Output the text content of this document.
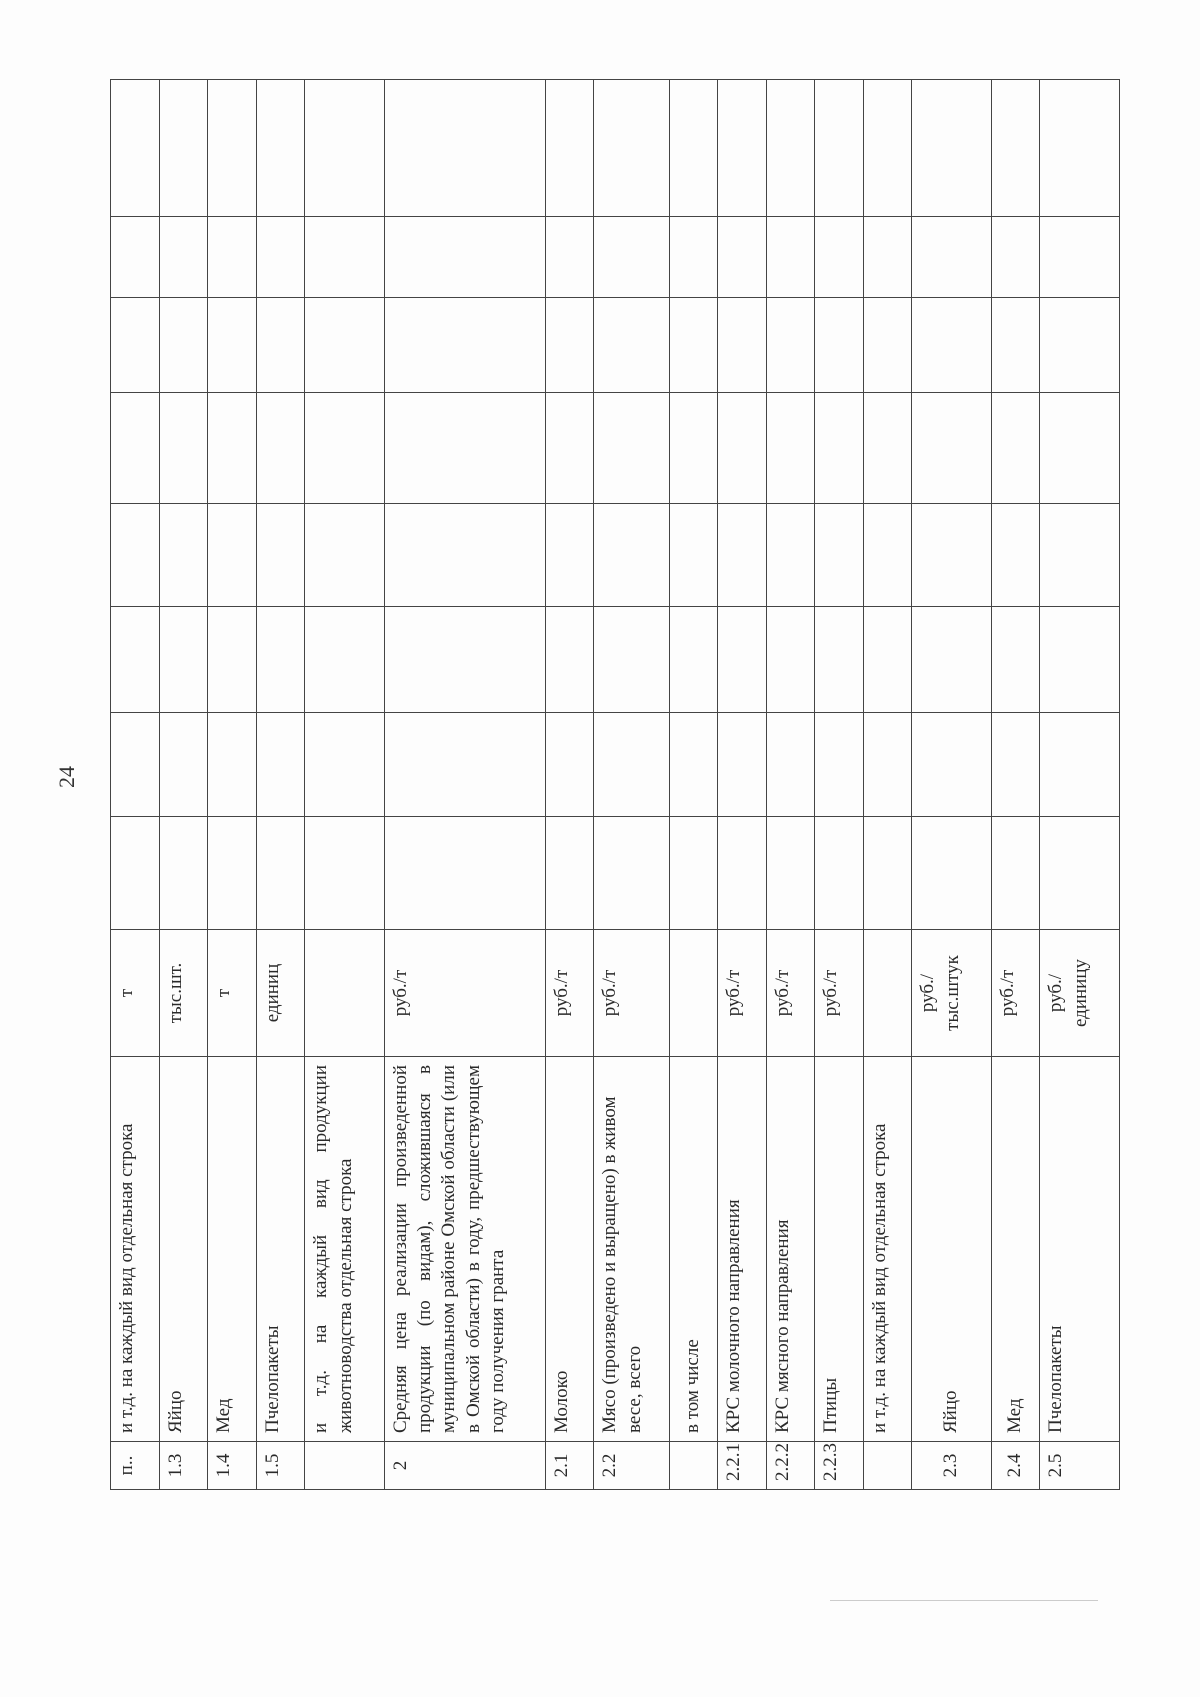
24
п..	и т.д. на каждый вид отдельная строка	т								
1.3	Яйцо	тыс.шт.								
1.4	Мед	т								
1.5	Пчелопакеты	единиц								
	и т.д. на каждый вид продукции животноводства отдельная строка									
2	Средняя цена реализации произведенной продукции (по видам), сложившаяся в муниципальном районе Омской области (или в Омской области) в году, предшествующем году получения гранта	руб./т								
2.1	Молоко	руб./т								
2.2	Мясо (произведено и выращено) в живом весе, всего	руб./т								
	в том числе									
2.2.1	КРС молочного направления	руб./т								
2.2.2	КРС мясного направления	руб./т								
2.2.3	Птицы	руб./т								
	и т.д. на каждый вид отдельная строка									
2.3	Яйцо	руб./ тыс.штук								
2.4	Мед	руб./т								
2.5	Пчелопакеты	руб./ единицу								
